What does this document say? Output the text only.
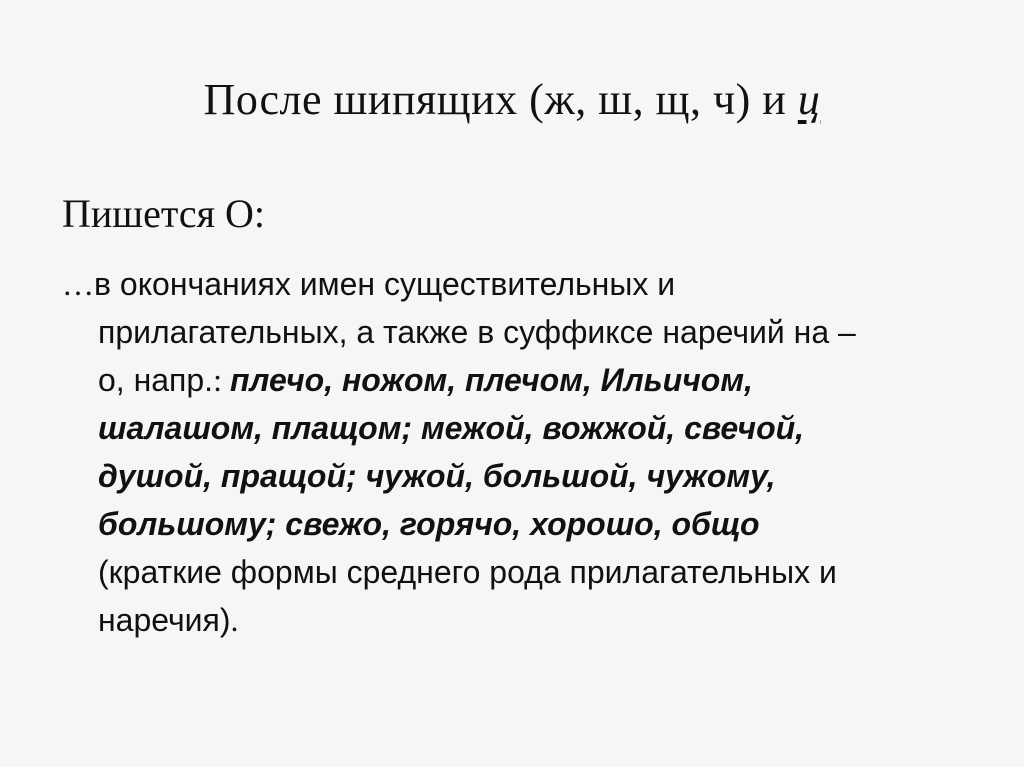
После шипящих (ж, ш, щ, ч) и ц
Пишется О:
…в окончаниях имен существительных и
прилагательных, а также в суффиксе наречий на –
о, напр.: плечо, ножом, плечом, Ильичом,
шалашом, плащом; межой, вожжой, свечой,
душой, пращой; чужой, большой, чужому,
большому; свежо, горячо, хорошо, общо
(краткие формы среднего рода прилагательных и
наречия).
